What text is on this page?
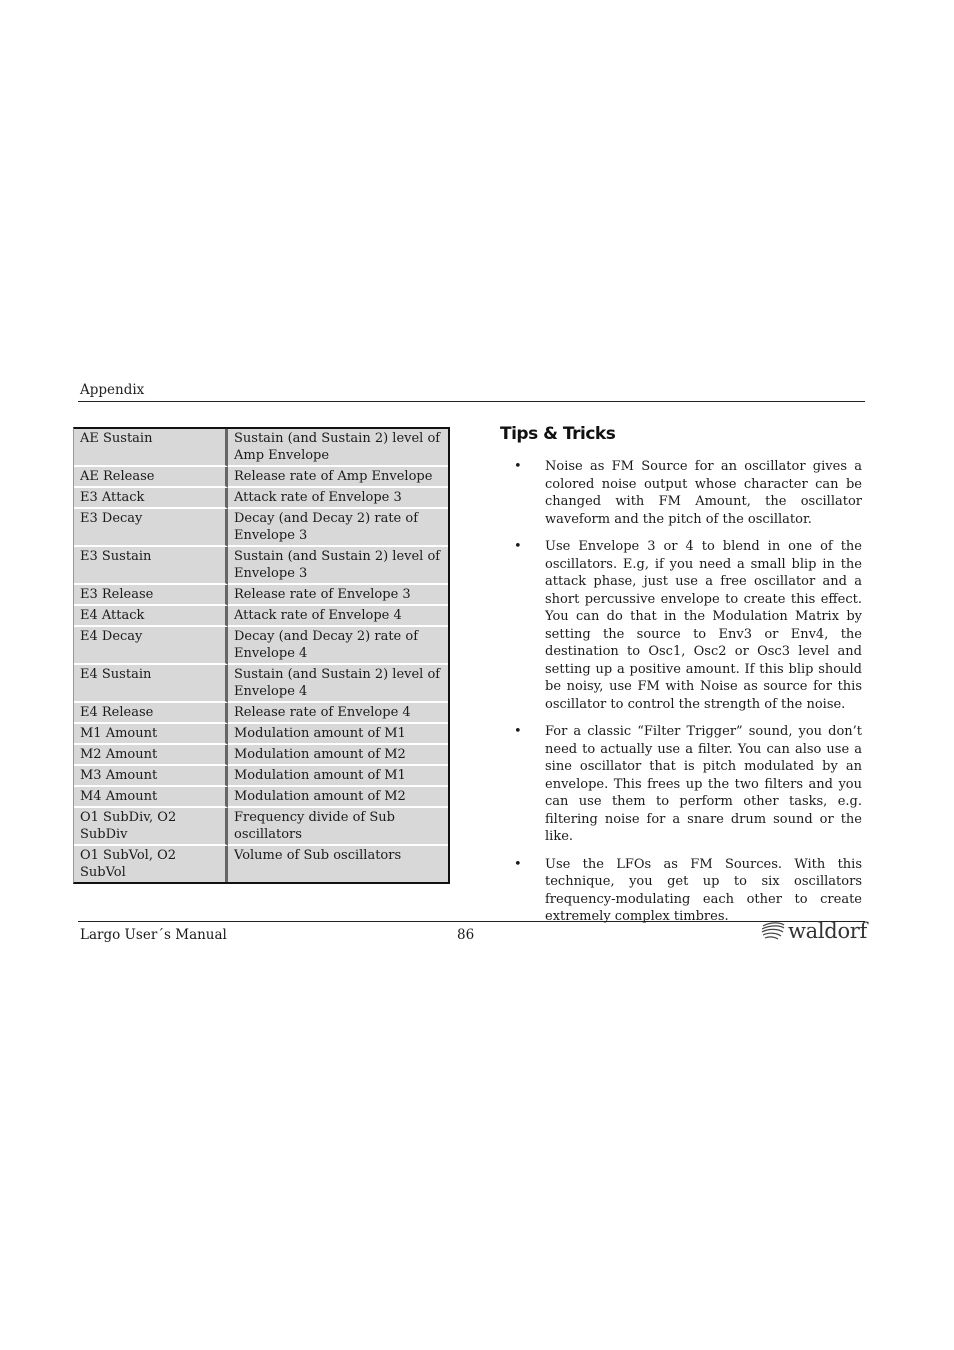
Appendix
AE Sustain	Sustain (and Sustain 2) level of Amp Envelope
AE Release	Release rate of Amp Envelope
E3 Attack	Attack rate of Envelope 3
E3 Decay	Decay (and Decay 2) rate of Envelope 3
E3 Sustain	Sustain (and Sustain 2) level of Envelope 3
E3 Release	Release rate of Envelope 3
E4 Attack	Attack rate of Envelope 4
E4 Decay	Decay (and Decay 2) rate of Envelope 4
E4 Sustain	Sustain (and Sustain 2) level of Envelope 4
E4 Release	Release rate of Envelope 4
M1 Amount	Modulation amount of M1
M2 Amount	Modulation amount of M2
M3 Amount	Modulation amount of M1
M4 Amount	Modulation amount of M2
O1 SubDiv, O2 SubDiv	Frequency divide of Sub oscillators
O1 SubVol, O2 SubVol	Volume of Sub oscillators
Tips & Tricks
•	Noise as FM Source for an oscillator gives a colored noise output whose character can be changed with FM Amount, the oscillator waveform and the pitch of the oscillator.
•	Use Envelope 3 or 4 to blend in one of the oscillators. E.g, if you need a small blip in the attack phase, just use a free oscillator and a short percussive envelope to create this effect. You can do that in the Modulation Matrix by setting the source to Env3 or Env4, the destination to Osc1, Osc2 or Osc3 level and setting up a positive amount. If this blip should be noisy, use FM with Noise as source for this oscillator to control the strength of the noise.
•	For a classic “Filter Trigger” sound, you don’t need to actually use a filter. You can also use a sine oscillator that is pitch modulated by an envelope. This frees up the two filters and you can use them to perform other tasks, e.g. filtering noise for a snare drum sound or the like.
•	Use the LFOs as FM Sources. With this technique, you get up to six oscillators frequency-modulating each other to create extremely complex timbres.
Largo User´s Manual	86	waldorf
